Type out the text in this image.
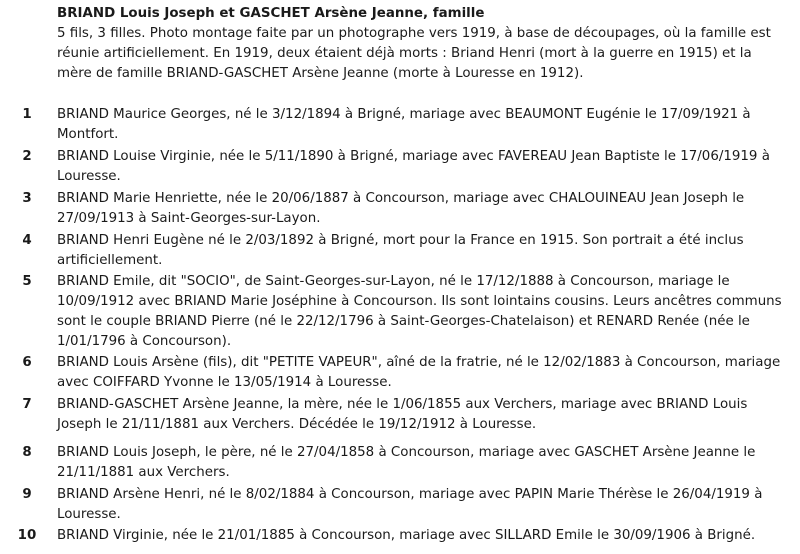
BRIAND Louis Joseph et GASCHET Arsène Jeanne, famille
5 fils, 3 filles. Photo montage faite par un photographe vers 1919, à base de découpages, où la famille est
réunie artificiellement. En 1919, deux étaient déjà morts : Briand Henri (mort à la guerre en 1915) et la
mère de famille BRIAND-GASCHET Arsène Jeanne (morte à Louresse en 1912).
1	BRIAND Maurice Georges, né le 3/12/1894 à Brigné, mariage avec BEAUMONT Eugénie le 17/09/1921 à
Montfort.
2	BRIAND Louise Virginie, née le 5/11/1890 à Brigné, mariage avec FAVEREAU Jean Baptiste le 17/06/1919 à
Louresse.
3	BRIAND Marie Henriette, née le 20/06/1887 à Concourson, mariage avec CHALOUINEAU Jean Joseph le
27/09/1913 à Saint-Georges-sur-Layon.
4	BRIAND Henri Eugène né le 2/03/1892 à Brigné, mort pour la France en 1915. Son portrait a été inclus
artificiellement.
5	BRIAND Emile, dit "SOCIO", de Saint-Georges-sur-Layon, né le 17/12/1888 à Concourson, mariage le
10/09/1912 avec BRIAND Marie Joséphine à Concourson. Ils sont lointains cousins. Leurs ancêtres communs
sont le couple BRIAND Pierre (né le 22/12/1796 à Saint-Georges-Chatelaison) et RENARD Renée (née le
1/01/1796 à Concourson).
6	BRIAND Louis Arsène (fils), dit "PETITE VAPEUR", aîné de la fratrie, né le 12/02/1883 à Concourson, mariage
avec COIFFARD Yvonne le 13/05/1914 à Louresse.
7	BRIAND-GASCHET Arsène Jeanne, la mère, née le 1/06/1855 aux Verchers, mariage avec BRIAND Louis
Joseph le 21/11/1881 aux Verchers. Décédée le 19/12/1912 à Louresse.
8	BRIAND Louis Joseph, le père, né le 27/04/1858 à Concourson, mariage avec GASCHET Arsène Jeanne le
21/11/1881 aux Verchers.
9	BRIAND Arsène Henri, né le 8/02/1884 à Concourson, mariage avec PAPIN Marie Thérèse le 26/04/1919 à
Louresse.
10	BRIAND Virginie, née le 21/01/1885 à Concourson, mariage avec SILLARD Emile le 30/09/1906 à Brigné.
